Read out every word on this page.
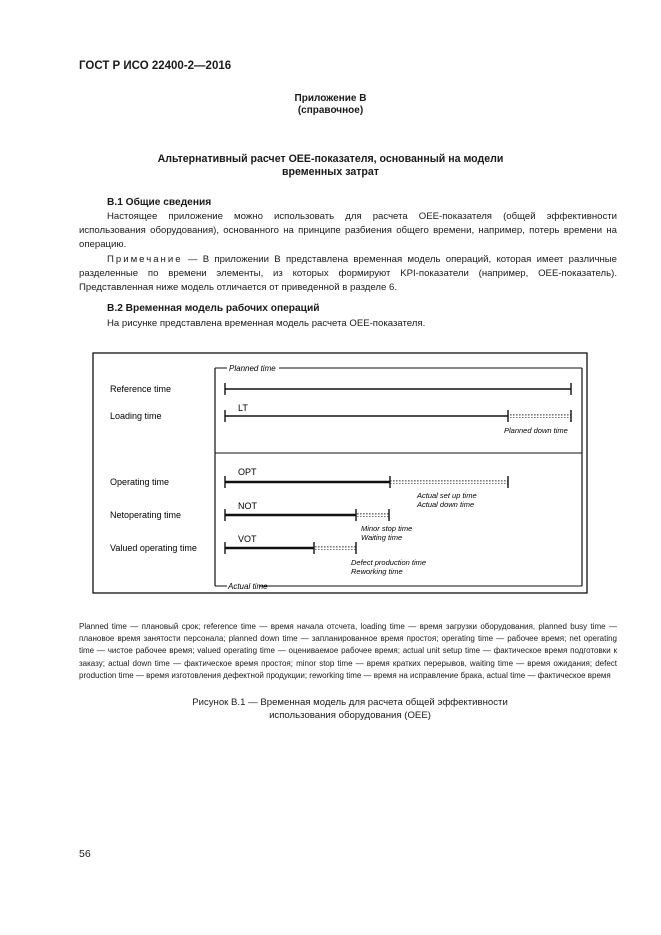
ГОСТ Р ИСО 22400-2—2016
Приложение В
(справочное)
Альтернативный расчет ОЕЕ-показателя, основанный на модели
временных затрат
В.1 Общие сведения
Настоящее приложение можно использовать для расчета ОЕЕ-показателя (общей эффективности использования оборудования), основанного на принципе разбиения общего времени, например, потерь времени на операцию.
Примечание — В приложении В представлена временная модель операций, которая имеет различные разделенные по времени элементы, из которых формируют KPI-показатели (например, ОЕЕ-показатель). Представленная ниже модель отличается от приведенной в разделе 6.
В.2 Временная модель рабочих операций
На рисунке представлена временная модель расчета ОЕЕ-показателя.
Planned time
Actual time
Reference time
Loading time
Operating time
Netoperating time
Valued operating time
LT
Planned down time
OPT
Actual set up time
Actual down time
NOT
Minor stop time
Waiting time
VOT
Defect production time
Reworking time
Planned time — плановый срок; reference time — время начала отсчета, loading time — время загрузки оборудования, planned busy time — плановое время занятости персонала; planned down time — запланированное время простоя; operating time — рабочее время; net operating time — чистое рабочее время; valued operating time — оцениваемое рабочее время; actual unit setup time — фактическое время подготовки к заказу; actual down time — фактическое время простоя; minor stop time — время кратких перерывов, waiting time — время ожидания; defect production time — время изготовления дефектной продукции; reworking time — время на исправление брака, actual time — фактическое время
Рисунок В.1 — Временная модель для расчета общей эффективности
использования оборудования (ОЕЕ)
56
